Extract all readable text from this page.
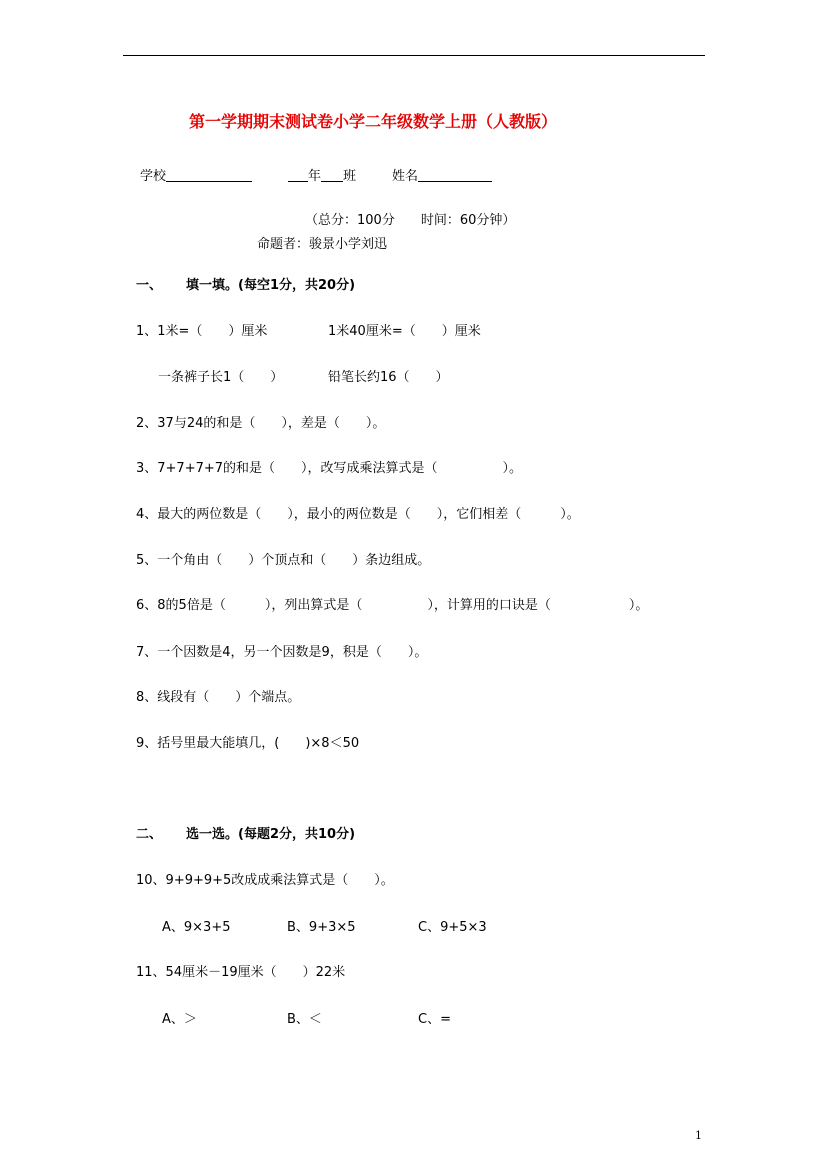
第一学期期末测试卷小学二年级数学上册（人教版）
学校	年 班	姓名
（总分：100分　　时间：60分钟）
命题者：骏景小学刘迅
一、 填一填。(每空1分，共20分)
1、1米=（　　）厘米	1米40厘米=（　　）厘米
一条裤子长1（　　）	铅笔长约16（　　）
2、37与24的和是（　　），差是（　　）。
3、7+7+7+7的和是（　　），改写成乘法算式是（　　　　　）。
4、最大的两位数是（　　），最小的两位数是（　　），它们相差（　　　）。
5、一个角由（　　）个顶点和（　　）条边组成。
6、8的5倍是（　　　），列出算式是（　　　　　），计算用的口诀是（　　　　　　）。
7、一个因数是4，另一个因数是9，积是（　　）。
8、线段有（　　）个端点。
9、括号里最大能填几，(　　)×8＜50
二、 选一选。(每题2分，共10分)
10、9+9+9+5改成成乘法算式是（　　）。
A、9×3+5	B、9+3×5	C、9+5×3
11、54厘米－19厘米（　　）22米
A、＞	B、＜	C、=
1
